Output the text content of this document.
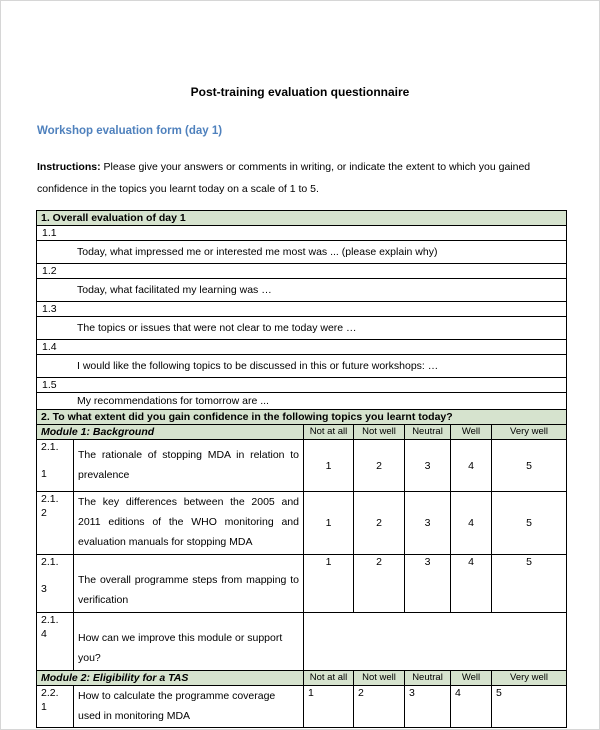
Post-training evaluation questionnaire
Workshop evaluation form (day 1)

Instructions: Please give your answers or comments in writing, or indicate the extent to which you gained confidence in the topics you learnt today on a scale of 1 to 5.

1. Overall evaluation of day 1						
1.1						
Today, what impressed me or interested me most was ... (please explain why)						
1.2						
Today, what facilitated my learning was …						
1.3						
The topics or issues that were not clear to me today were …						
1.4						
I would like the following topics to be discussed in this or future workshops: …						
1.5						
My recommendations for tomorrow are ...						
2. To what extent did you gain confidence in the following topics you learnt today?						
Module 1: Background		Not at all	Not well	Neutral	Well	Very well

2.1.
1	The rationale of stopping MDA in relation to prevalence	1	2	3	4	5

2.1.
2	The key differences between the 2005 and 2011 editions of the WHO monitoring and evaluation manuals for stopping MDA	1	2	3	4	5

2.1.
3	The overall programme steps from mapping to verification	1	2	3	4	5

2.1.
4	How can we improve this module or support you?					
Module 2: Eligibility for a TAS		Not at all	Not well	Neutral	Well	Very well

2.2.
1	How to calculate the programme coverage used in monitoring MDA	1	2	3	4	5
